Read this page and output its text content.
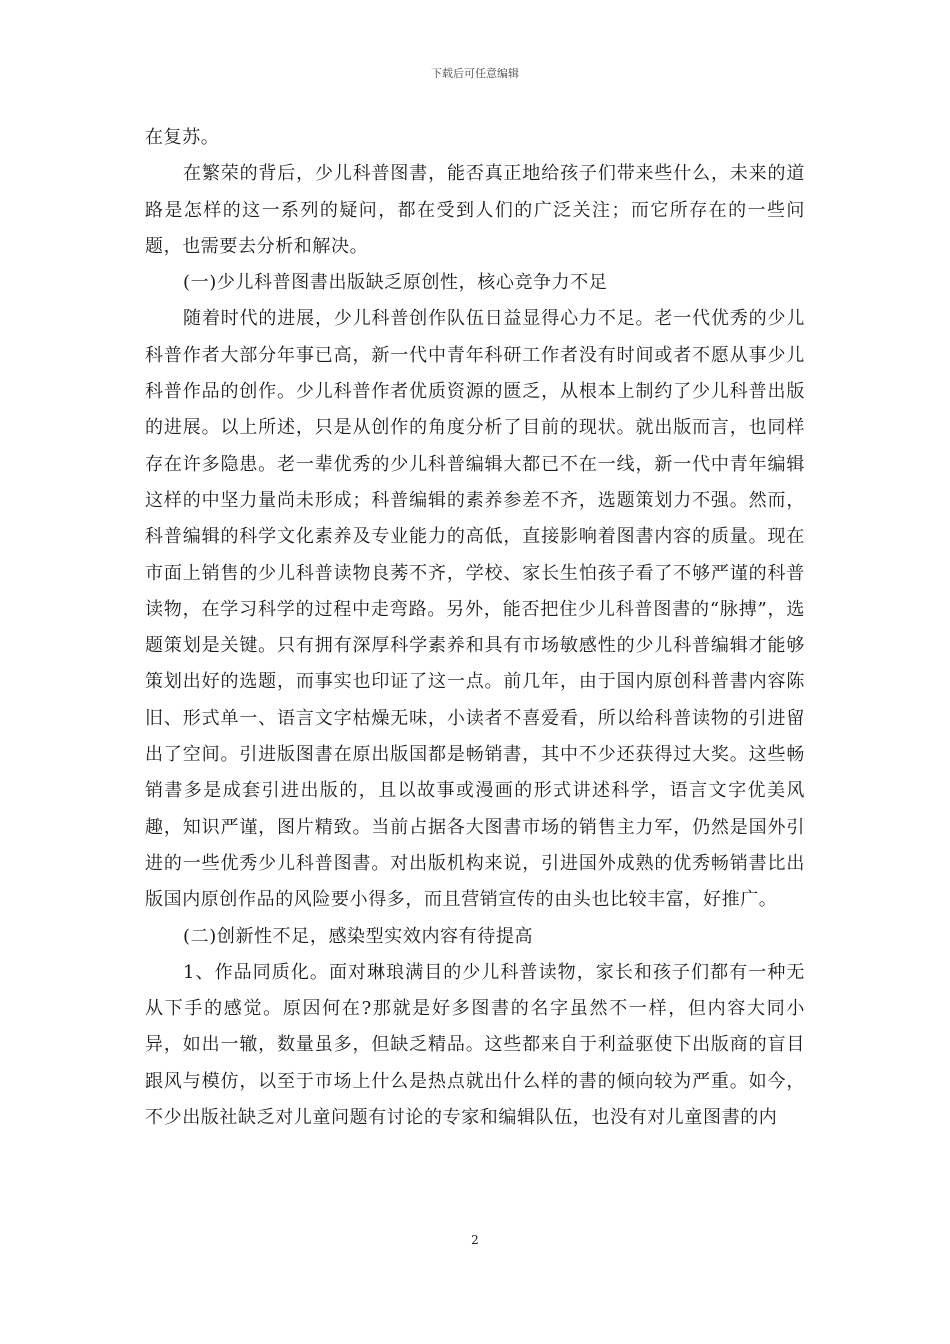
下载后可任意编辑

在复苏。

在繁荣的背后，少儿科普图書，能否真正地给孩子们带来些什么，未来的道路是怎样的这一系列的疑问，都在受到人们的广泛关注；而它所存在的一些问题，也需要去分析和解决。

(一)少儿科普图書出版缺乏原创性，核心竞争力不足

随着时代的进展，少儿科普创作队伍日益显得心力不足。老一代优秀的少儿科普作者大部分年事已高，新一代中青年科研工作者没有时间或者不愿从事少儿科普作品的创作。少儿科普作者优质资源的匮乏，从根本上制约了少儿科普出版的进展。以上所述，只是从创作的角度分析了目前的现状。就出版而言，也同样存在许多隐患。老一辈优秀的少儿科普编辑大都已不在一线，新一代中青年编辑这样的中坚力量尚未形成；科普编辑的素养参差不齐，选题策划力不强。然而，科普编辑的科学文化素养及专业能力的高低，直接影响着图書内容的质量。现在市面上销售的少儿科普读物良莠不齐，学校、家长生怕孩子看了不够严谨的科普读物，在学习科学的过程中走弯路。另外，能否把住少儿科普图書的“脉搏”，选题策划是关键。只有拥有深厚科学素养和具有市场敏感性的少儿科普编辑才能够策划出好的选题，而事实也印证了这一点。前几年，由于国内原创科普書内容陈旧、形式单一、语言文字枯燥无味，小读者不喜爱看，所以给科普读物的引进留出了空间。引进版图書在原出版国都是畅销書，其中不少还获得过大奖。这些畅销書多是成套引进出版的，且以故事或漫画的形式讲述科学，语言文字优美风趣，知识严谨，图片精致。当前占据各大图書市场的销售主力军，仍然是国外引进的一些优秀少儿科普图書。对出版机构来说，引进国外成熟的优秀畅销書比出版国内原创作品的风险要小得多，而且营销宣传的由头也比较丰富，好推广。

(二)创新性不足，感染型实效内容有待提高

1、作品同质化。面对琳琅满目的少儿科普读物，家长和孩子们都有一种无从下手的感觉。原因何在?那就是好多图書的名字虽然不一样，但内容大同小异，如出一辙，数量虽多，但缺乏精品。这些都来自于利益驱使下出版商的盲目跟风与模仿，以至于市场上什么是热点就出什么样的書的倾向较为严重。如今，不少出版社缺乏对儿童问题有讨论的专家和编辑队伍，也没有对儿童图書的内

2
